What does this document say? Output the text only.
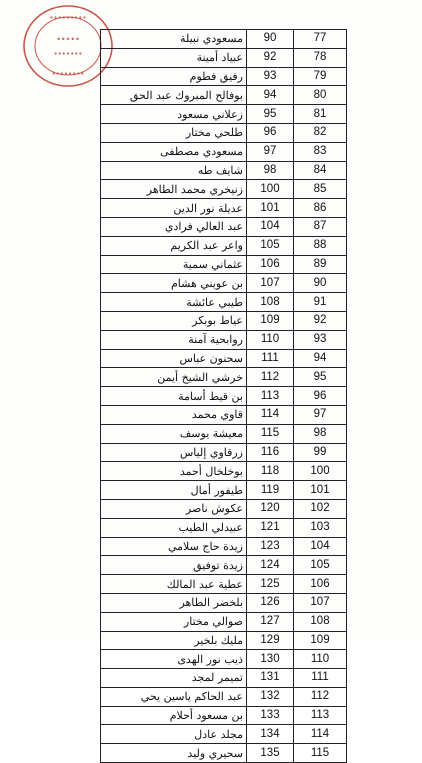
•••••••••
•••••
•••••••
••••••••
77	90	مسعودي نبيلة
78	92	عبياد أمينة
79	93	رفيق فطوم
80	94	بوفالح المبروك عبد الحق
81	95	زعلاني مسعود
82	96	طلحي مختار
83	97	مسعودي مصطفى
84	98	شايف طه
85	100	زنيخري محمد الطاهر
86	101	عديلة نور الدين
87	104	عبد العالي فرادي
88	105	واعر عبد الكريم
89	106	عثماني سمية
90	107	بن عويني هشام
91	108	طيبي عائشة
92	109	عياط بوبكر
93	110	روابحية آمنة
94	111	سحنون عباس
95	112	خرشي الشيخ أيمن
96	113	بن قيط أسامة
97	114	قاوي محمد
98	115	معيشة يوسف
99	116	زرقاوي إلياس
100	118	بوخلخال أحمد
101	119	طيفور أمال
102	120	عكوش ناصر
103	121	عبيدلي الطيب
104	123	زيدة حاج سلامي
105	124	زيدة توفيق
106	125	عطية عبد المالك
107	126	بلخضر الطاهر
108	127	صوالي مختار
109	129	مليك بلخير
110	130	ذيب نور الهدى
111	131	تميمر لمجد
112	132	عبد الحاكم ياسين يحي
113	133	بن مسعود أحلام
114	134	مجلد عادل
115	135	سحيري وليد
